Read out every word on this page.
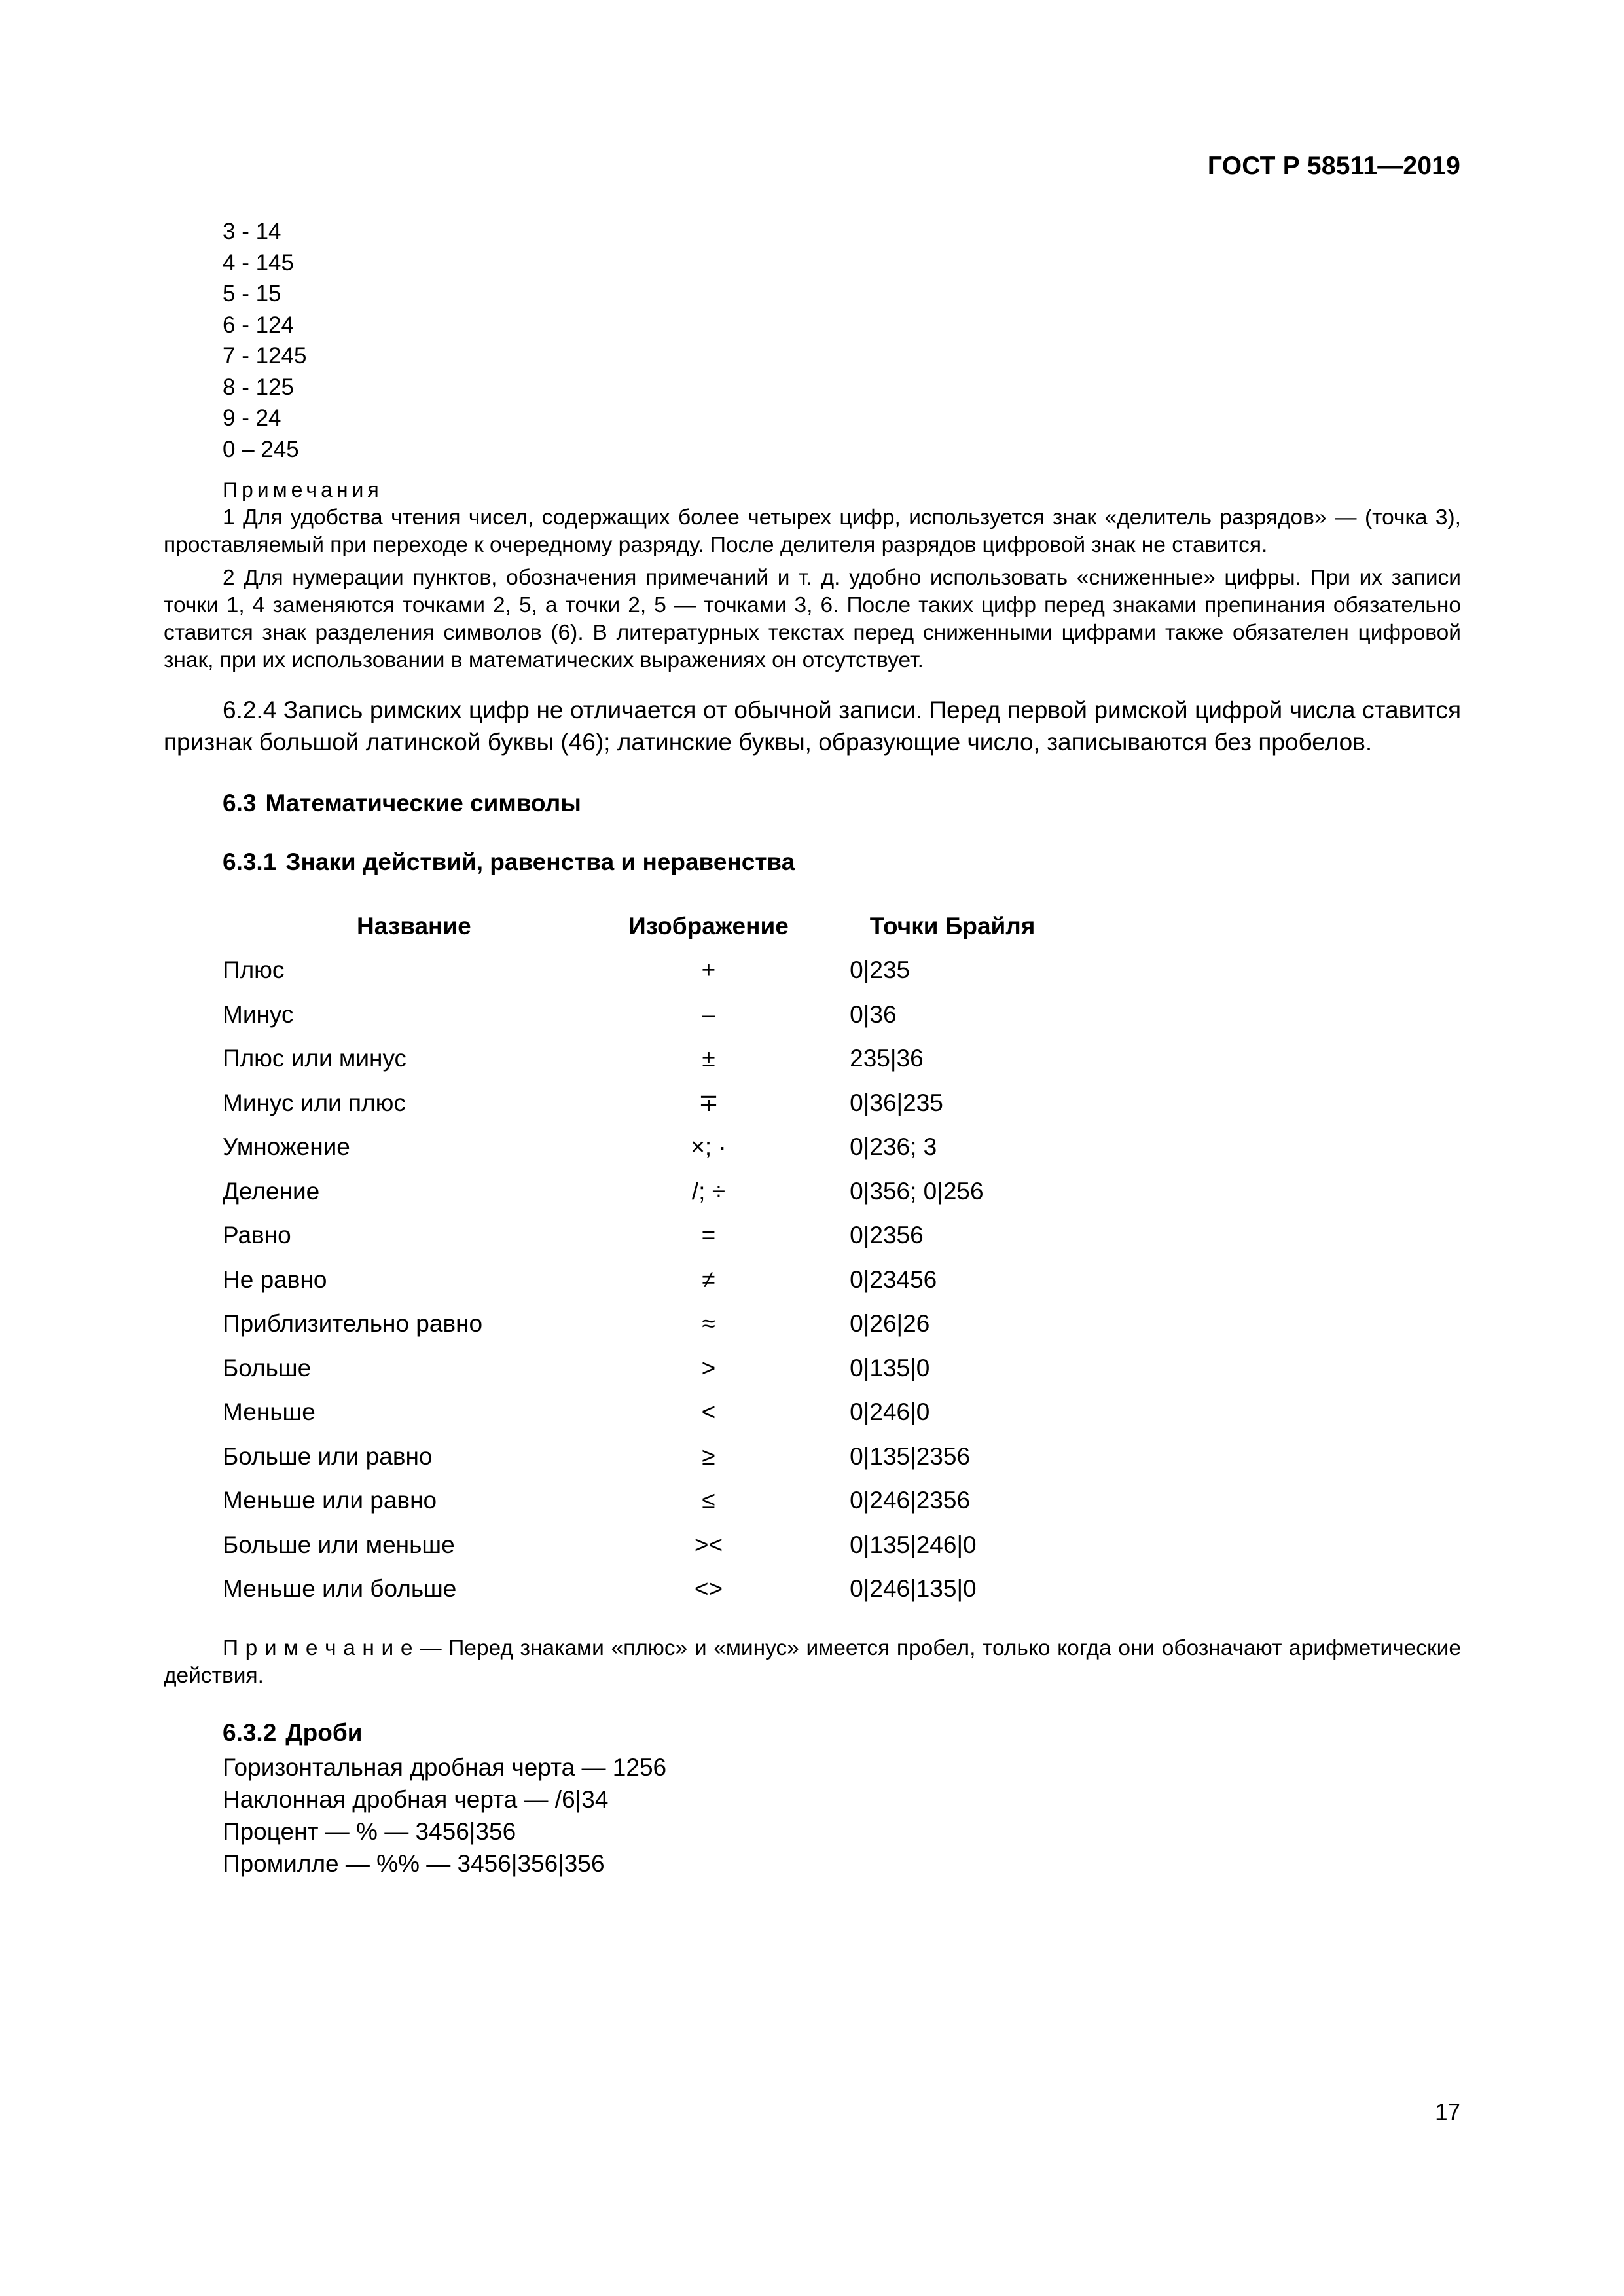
ГОСТ Р 58511—2019
3 - 14
4 - 145
5 - 15
6 - 124
7 - 1245
8 - 125
9 - 24
0 – 245
Примечания

1 Для удобства чтения чисел, содержащих более четырех цифр, используется знак «делитель разрядов» — (точка 3), проставляемый при переходе к очередному разряду. После делителя разрядов цифровой знак не ставится.

2 Для нумерации пунктов, обозначения примечаний и т. д. удобно использовать «сниженные» цифры. При их записи точки 1, 4 заменяются точками 2, 5, а точки 2, 5 — точками 3, 6. После таких цифр перед знаками препинания обязательно ставится знак разделения символов (6). В литературных текстах перед сниженными цифрами также обязателен цифровой знак, при их использовании в математических выражениях он отсутствует.

6.2.4 Запись римских цифр не отличается от обычной записи. Перед первой римской цифрой числа ставится признак большой латинской буквы (46); латинские буквы, образующие число, записываются без пробелов.

6.3 Математические символы
6.3.1 Знаки действий, равенства и неравенства
Название	Изображение	Точки Брайля
Плюс	+	0|235
Минус	–	0|36
Плюс или минус	±	235|36
Минус или плюс	∓	0|36|235
Умножение	×; ·	0|236; 3
Деление	/; ÷	0|356; 0|256
Равно	=	0|2356
Не равно	≠	0|23456
Приблизительно равно	≈	0|26|26
Больше	>	0|135|0
Меньше	<	0|246|0
Больше или равно	≥	0|135|2356
Меньше или равно	≤	0|246|2356
Больше или меньше	><	0|135|246|0
Меньше или больше	<>	0|246|135|0

П р и м е ч а н и е — Перед знаками «плюс» и «минус» имеется пробел, только когда они обозначают арифметические действия.

6.3.2 Дроби
Горизонтальная дробная черта — 1256
Наклонная дробная черта — /6|34
Процент — % — 3456|356
Промилле — %% — 3456|356|356
17
